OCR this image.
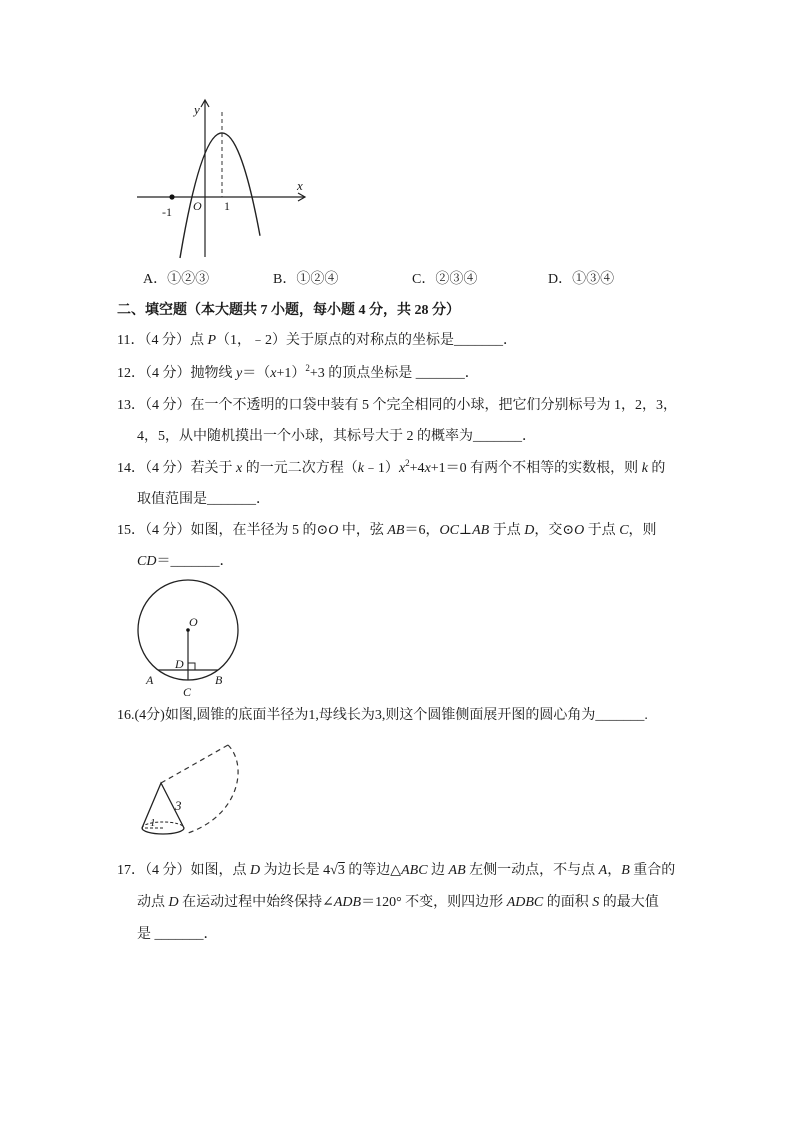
y
x
-1 O 1
A．①②③	B．①②④	C．②③④	D．①③④
二、填空题（本大题共 7 小题，每小题 4 分，共 28 分）
11．（4 分）点 P（1，﹣2）关于原点的对称点的坐标是_______．
12．（4 分）抛物线 $y=(x+1)^2+3$ 的顶点坐标是 _______．
13．（4 分）在一个不透明的口袋中装有 5 个完全相同的小球，把它们分别标号为 1，2，3，
4，5，从中随机摸出一个小球，其标号大于 2 的概率为_______．
14．（4 分）若关于 x 的一元二次方程$(k﹣1)x^2+4x+1=0$ 有两个不相等的实数根，则 k 的
取值范围是_______．
15．（4 分）如图，在半径为 5 的⊙O 中，弦 AB＝6，OC⊥AB 于点 D，交⊙O 于点 C，则
CD＝_______．
O
D
A	B
C
16.(4分)如图,圆锥的底面半径为1,母线长为3,则这个圆锥侧面展开图的圆心角为_______.
3
1
17．（4 分）如图，点 D 为边长是 4√3 的等边△ABC 边 AB 左侧一动点，不与点 A，B 重合的
动点 D 在运动过程中始终保持∠ADB＝120° 不变，则四边形 ADBC 的面积 S 的最大值
是 _______．
